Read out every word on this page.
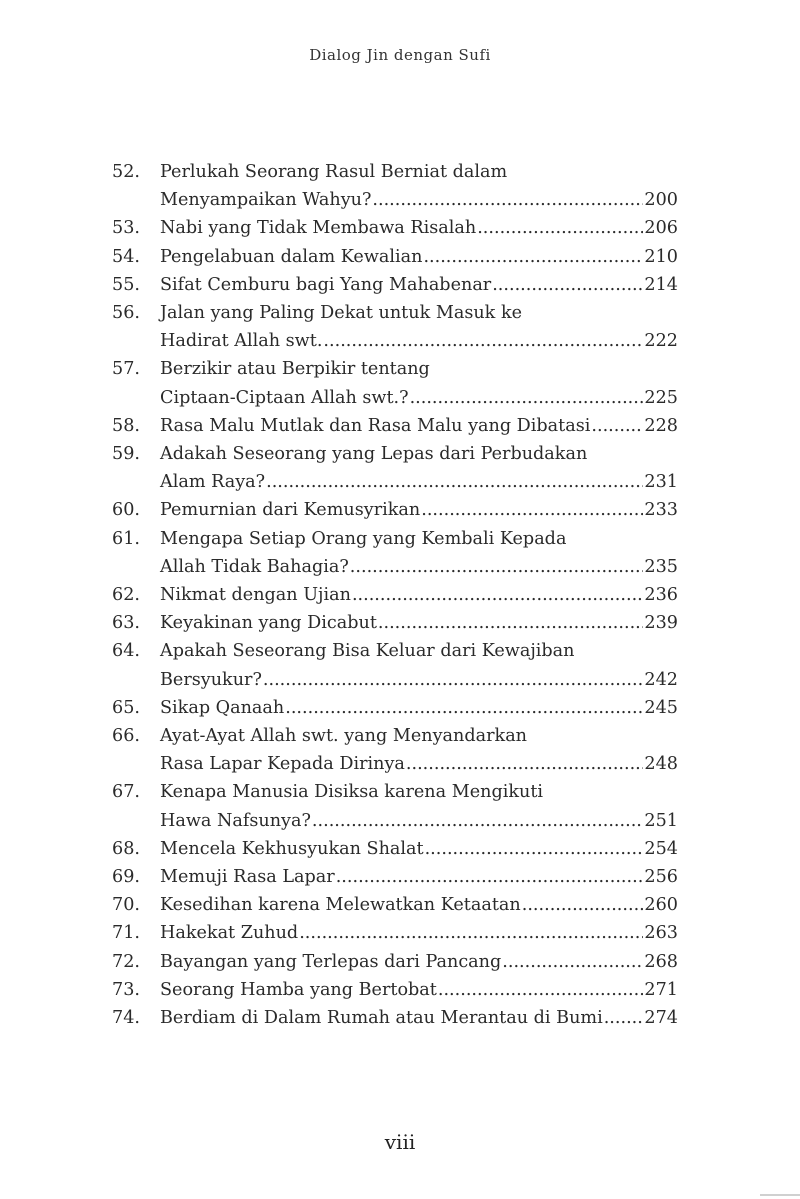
Dialog Jin dengan Sufi
52.	Perlukah Seorang Rasul Berniat dalam
Menyampaikan Wahyu? .....	200
53.	Nabi yang Tidak Membawa Risalah .....	206
54.	Pengelabuan dalam Kewalian .....	210
55.	Sifat Cemburu bagi Yang Mahabenar .....	214
56.	Jalan yang Paling Dekat untuk Masuk ke
Hadirat Allah swt. .....	222
57.	Berzikir atau Berpikir tentang
Ciptaan-Ciptaan Allah swt.? .....	225
58.	Rasa Malu Mutlak dan Rasa Malu yang Dibatasi .....	228
59.	Adakah Seseorang yang Lepas dari Perbudakan
Alam Raya? .....	231
60.	Pemurnian dari Kemusyrikan .....	233
61.	Mengapa Setiap Orang yang Kembali Kepada
Allah Tidak Bahagia? .....	235
62.	Nikmat dengan Ujian .....	236
63.	Keyakinan yang Dicabut .....	239
64.	Apakah Seseorang Bisa Keluar dari Kewajiban
Bersyukur? .....	242
65.	Sikap Qanaah .....	245
66.	Ayat-Ayat Allah swt. yang Menyandarkan
Rasa Lapar Kepada Dirinya .....	248
67.	Kenapa Manusia Disiksa karena Mengikuti
Hawa Nafsunya? .....	251
68.	Mencela Kekhusyukan Shalat .....	254
69.	Memuji Rasa Lapar .....	256
70.	Kesedihan karena Melewatkan Ketaatan .....	260
71.	Hakekat Zuhud .....	263
72.	Bayangan yang Terlepas dari Pancang .....	268
73.	Seorang Hamba yang Bertobat .....	271
74.	Berdiam di Dalam Rumah atau Merantau di Bumi ..... 274
viii
